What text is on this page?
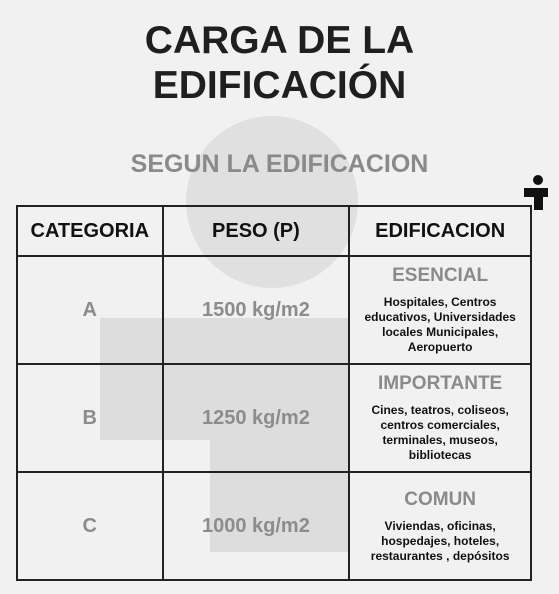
CARGA DE LA
EDIFICACIÓN
SEGUN LA EDIFICACION
CATEGORIA	PESO (P)	EDIFICACION
A	1500 kg/m2	ESENCIAL
Hospitales, Centros educativos, Universidades locales Municipales, Aeropuerto

B	1250 kg/m2	IMPORTANTE
Cines, teatros, coliseos, centros comerciales, terminales, museos, bibliotecas

C	1000 kg/m2	COMUN
Viviendas, oficinas, hospedajes, hoteles, restaurantes , depósitos
